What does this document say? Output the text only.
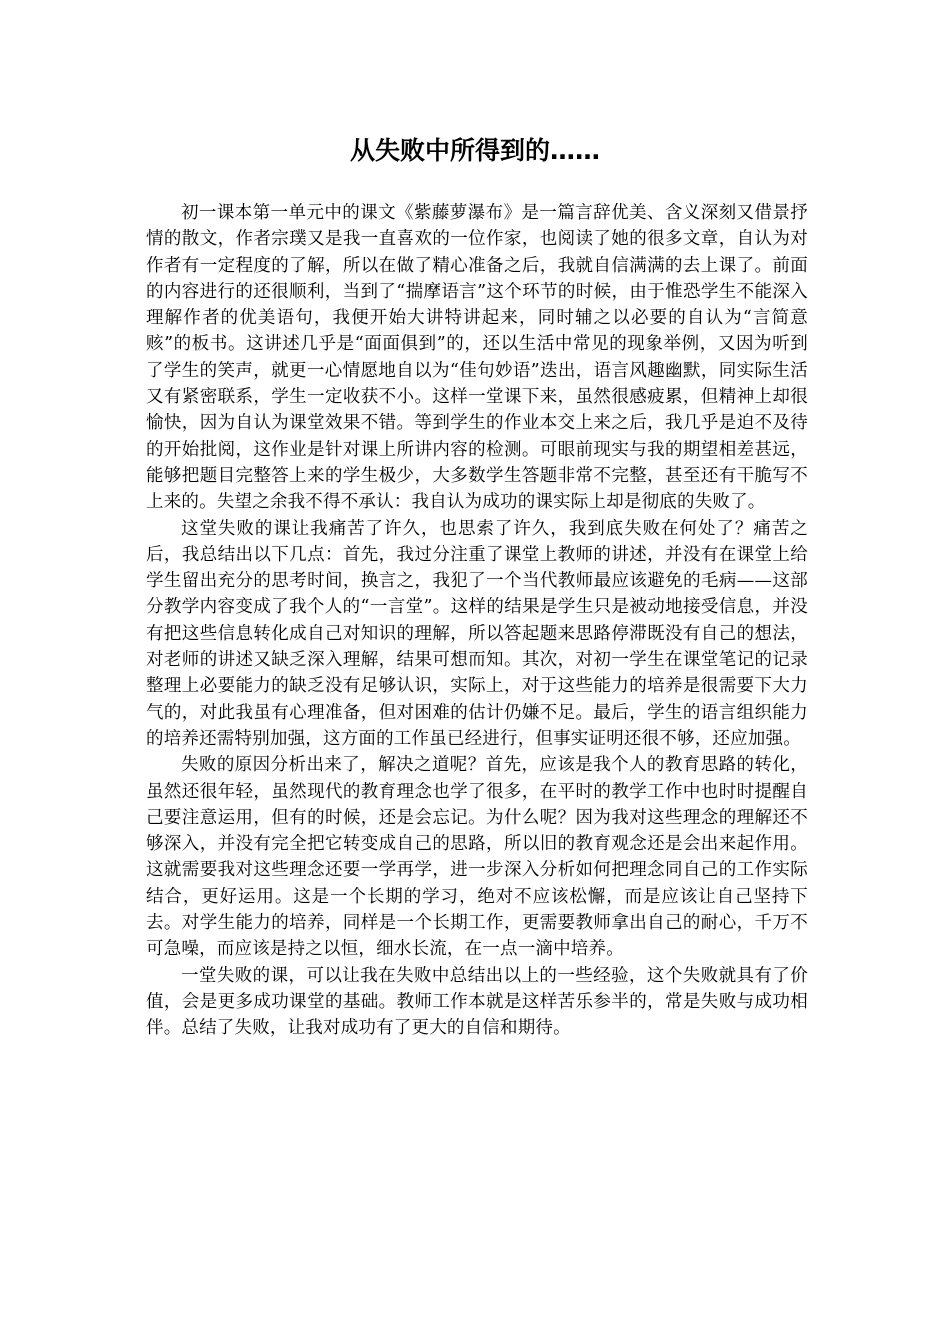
从失败中所得到的……

初一课本第一单元中的课文《紫藤萝瀑布》是一篇言辞优美、含义深刻又借景抒情的散文，作者宗璞又是我一直喜欢的一位作家，也阅读了她的很多文章，自认为对作者有一定程度的了解，所以在做了精心准备之后，我就自信满满的去上课了。前面的内容进行的还很顺利，当到了“揣摩语言”这个环节的时候，由于惟恐学生不能深入理解作者的优美语句，我便开始大讲特讲起来，同时辅之以必要的自认为“言简意赅”的板书。这讲述几乎是“面面俱到”的，还以生活中常见的现象举例，又因为听到了学生的笑声，就更一心情愿地自以为“佳句妙语”迭出，语言风趣幽默，同实际生活又有紧密联系，学生一定收获不小。这样一堂课下来，虽然很感疲累，但精神上却很愉快，因为自认为课堂效果不错。等到学生的作业本交上来之后，我几乎是迫不及待的开始批阅，这作业是针对课上所讲内容的检测。可眼前现实与我的期望相差甚远，能够把题目完整答上来的学生极少，大多数学生答题非常不完整，甚至还有干脆写不上来的。失望之余我不得不承认：我自认为成功的课实际上却是彻底的失败了。

这堂失败的课让我痛苦了许久，也思索了许久，我到底失败在何处了？痛苦之后，我总结出以下几点：首先，我过分注重了课堂上教师的讲述，并没有在课堂上给学生留出充分的思考时间，换言之，我犯了一个当代教师最应该避免的毛病——这部分教学内容变成了我个人的“一言堂”。这样的结果是学生只是被动地接受信息，并没有把这些信息转化成自己对知识的理解，所以答起题来思路停滞既没有自己的想法，对老师的讲述又缺乏深入理解，结果可想而知。其次，对初一学生在课堂笔记的记录整理上必要能力的缺乏没有足够认识，实际上，对于这些能力的培养是很需要下大力气的，对此我虽有心理准备，但对困难的估计仍嫌不足。最后，学生的语言组织能力的培养还需特别加强，这方面的工作虽已经进行，但事实证明还很不够，还应加强。

失败的原因分析出来了，解决之道呢？首先，应该是我个人的教育思路的转化，虽然还很年轻，虽然现代的教育理念也学了很多，在平时的教学工作中也时时提醒自己要注意运用，但有的时候，还是会忘记。为什么呢？因为我对这些理念的理解还不够深入，并没有完全把它转变成自己的思路，所以旧的教育观念还是会出来起作用。这就需要我对这些理念还要一学再学，进一步深入分析如何把理念同自己的工作实际结合，更好运用。这是一个长期的学习，绝对不应该松懈，而是应该让自己坚持下去。对学生能力的培养，同样是一个长期工作，更需要教师拿出自己的耐心，千万不可急噪，而应该是持之以恒，细水长流，在一点一滴中培养。

一堂失败的课，可以让我在失败中总结出以上的一些经验，这个失败就具有了价值，会是更多成功课堂的基础。教师工作本就是这样苦乐参半的，常是失败与成功相伴。总结了失败，让我对成功有了更大的自信和期待。
